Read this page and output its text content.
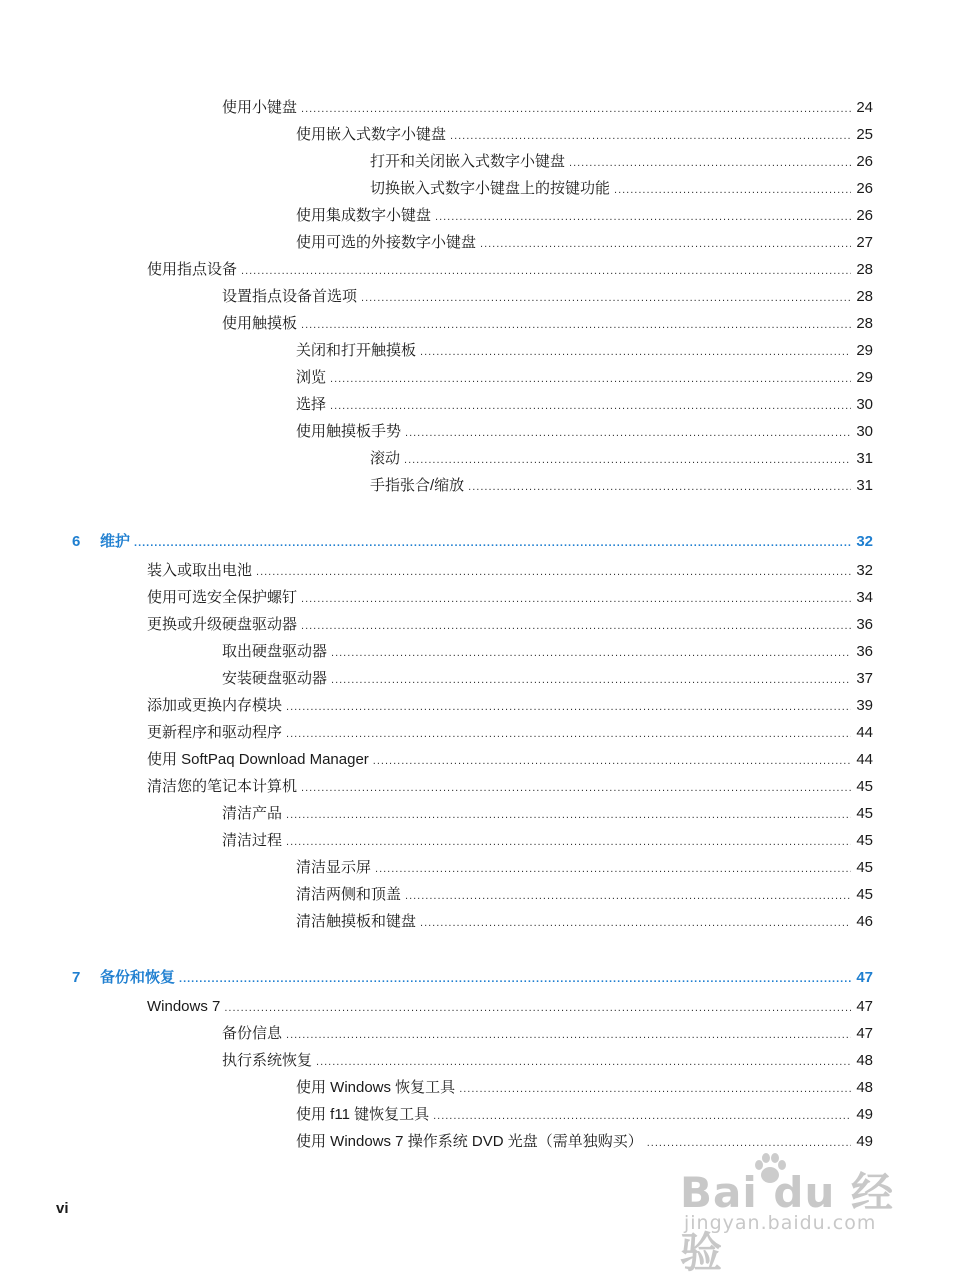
使用小键盘 .....	24
使用嵌入式数字小键盘 .....	25
打开和关闭嵌入式数字小键盘 .....	26
切换嵌入式数字小键盘上的按键功能 .....	26
使用集成数字小键盘 .....	26
使用可选的外接数字小键盘 .....	27
使用指点设备 .....	28
设置指点设备首选项 .....	28
使用触摸板 .....	28
关闭和打开触摸板 .....	29
浏览 .....	29
选择 .....	30
使用触摸板手势 .....	30
滚动 .....	31
手指张合/缩放 .....	31
6	维护 .....	32
装入或取出电池 .....	32
使用可选安全保护螺钉 .....	34
更换或升级硬盘驱动器 .....	36
取出硬盘驱动器 .....	36
安装硬盘驱动器 .....	37
添加或更换内存模块 .....	39
更新程序和驱动程序 .....	44
使用 SoftPaq Download Manager .....	44
清洁您的笔记本计算机 .....	45
清洁产品 .....	45
清洁过程 .....	45
清洁显示屏 .....	45
清洁两侧和顶盖 .....	45
清洁触摸板和键盘 .....	46
7	备份和恢复 .....	47
Windows 7 .....	47
备份信息 .....	47
执行系统恢复 .....	48
使用 Windows 恢复工具 .....	48
使用 f11 键恢复工具 .....	49
使用 Windows 7 操作系统 DVD 光盘（需单独购买） .....	49
vi	Bai du 经验
jingyan.baidu.com
